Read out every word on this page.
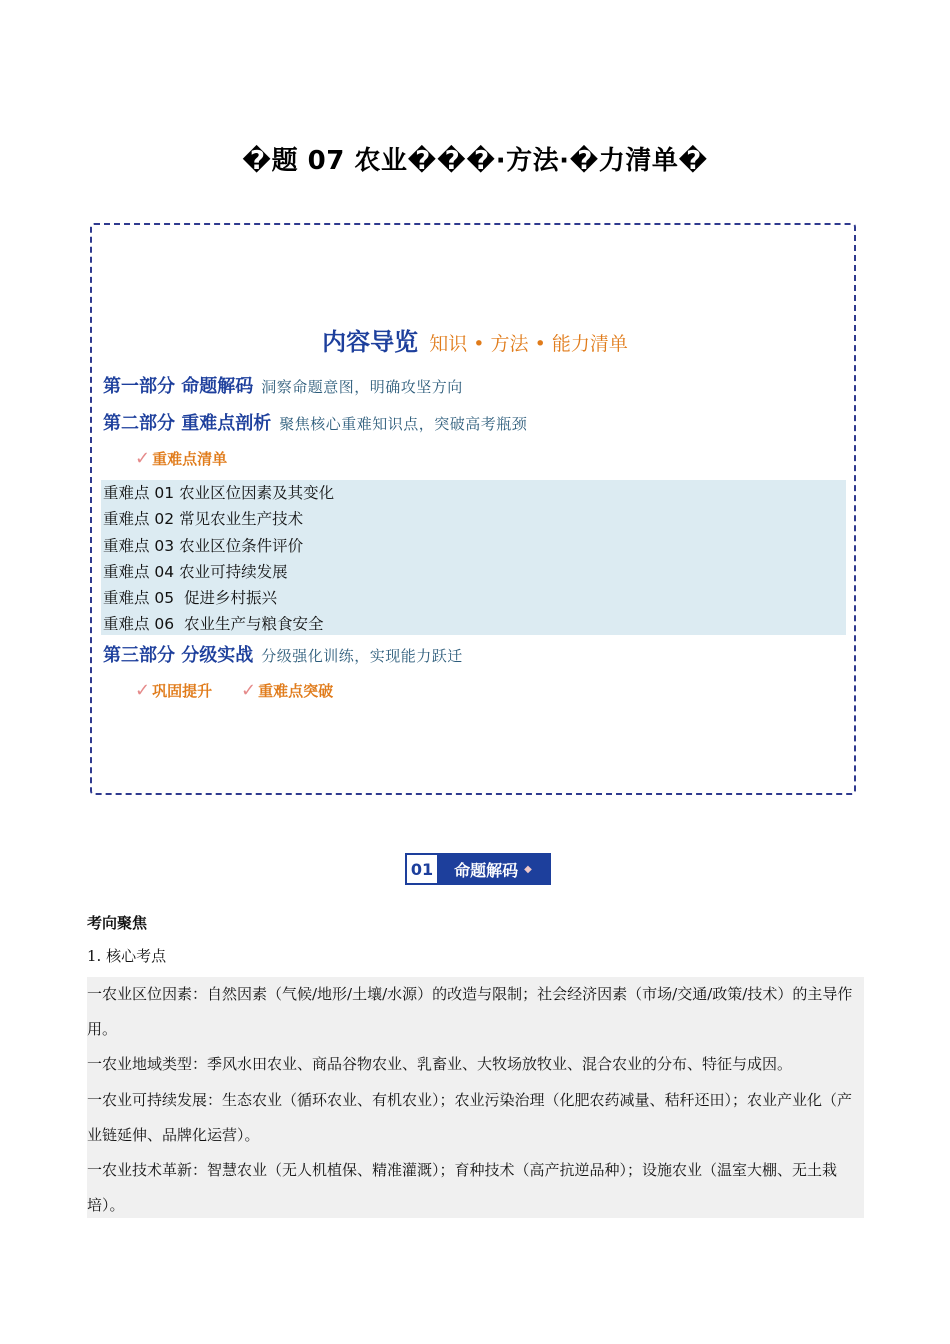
�题 07 农业���·方法·�力清单�
内容导览 知识 • 方法 • 能力清单
第一部分 命题解码 洞察命题意图，明确攻坚方向
第二部分 重难点剖析 聚焦核心重难知识点，突破高考瓶颈
✓ 重难点清单
重难点 01 农业区位因素及其变化
重难点 02 常见农业生产技术
重难点 03 农业区位条件评价
重难点 04 农业可持续发展
重难点 05  促进乡村振兴
重难点 06  农业生产与粮食安全
第三部分 分级实战 分级强化训练，实现能力跃迁
✓ 巩固提升 ✓ 重难点突破
01 命题解码 ◆
考向聚焦
1. 核心考点

一农业区位因素：自然因素（气候/地形/土壤/水源）的改造与限制；社会经济因素（市场/交通/政策/技术）的主导作用。

一农业地域类型：季风水田农业、商品谷物农业、乳畜业、大牧场放牧业、混合农业的分布、特征与成因。

一农业可持续发展：生态农业（循环农业、有机农业）；农业污染治理（化肥农药减量、秸秆还田）；农业产业化（产业链延伸、品牌化运营）。

一农业技术革新：智慧农业（无人机植保、精准灌溉）；育种技术（高产抗逆品种）；设施农业（温室大棚、无土栽培）。
